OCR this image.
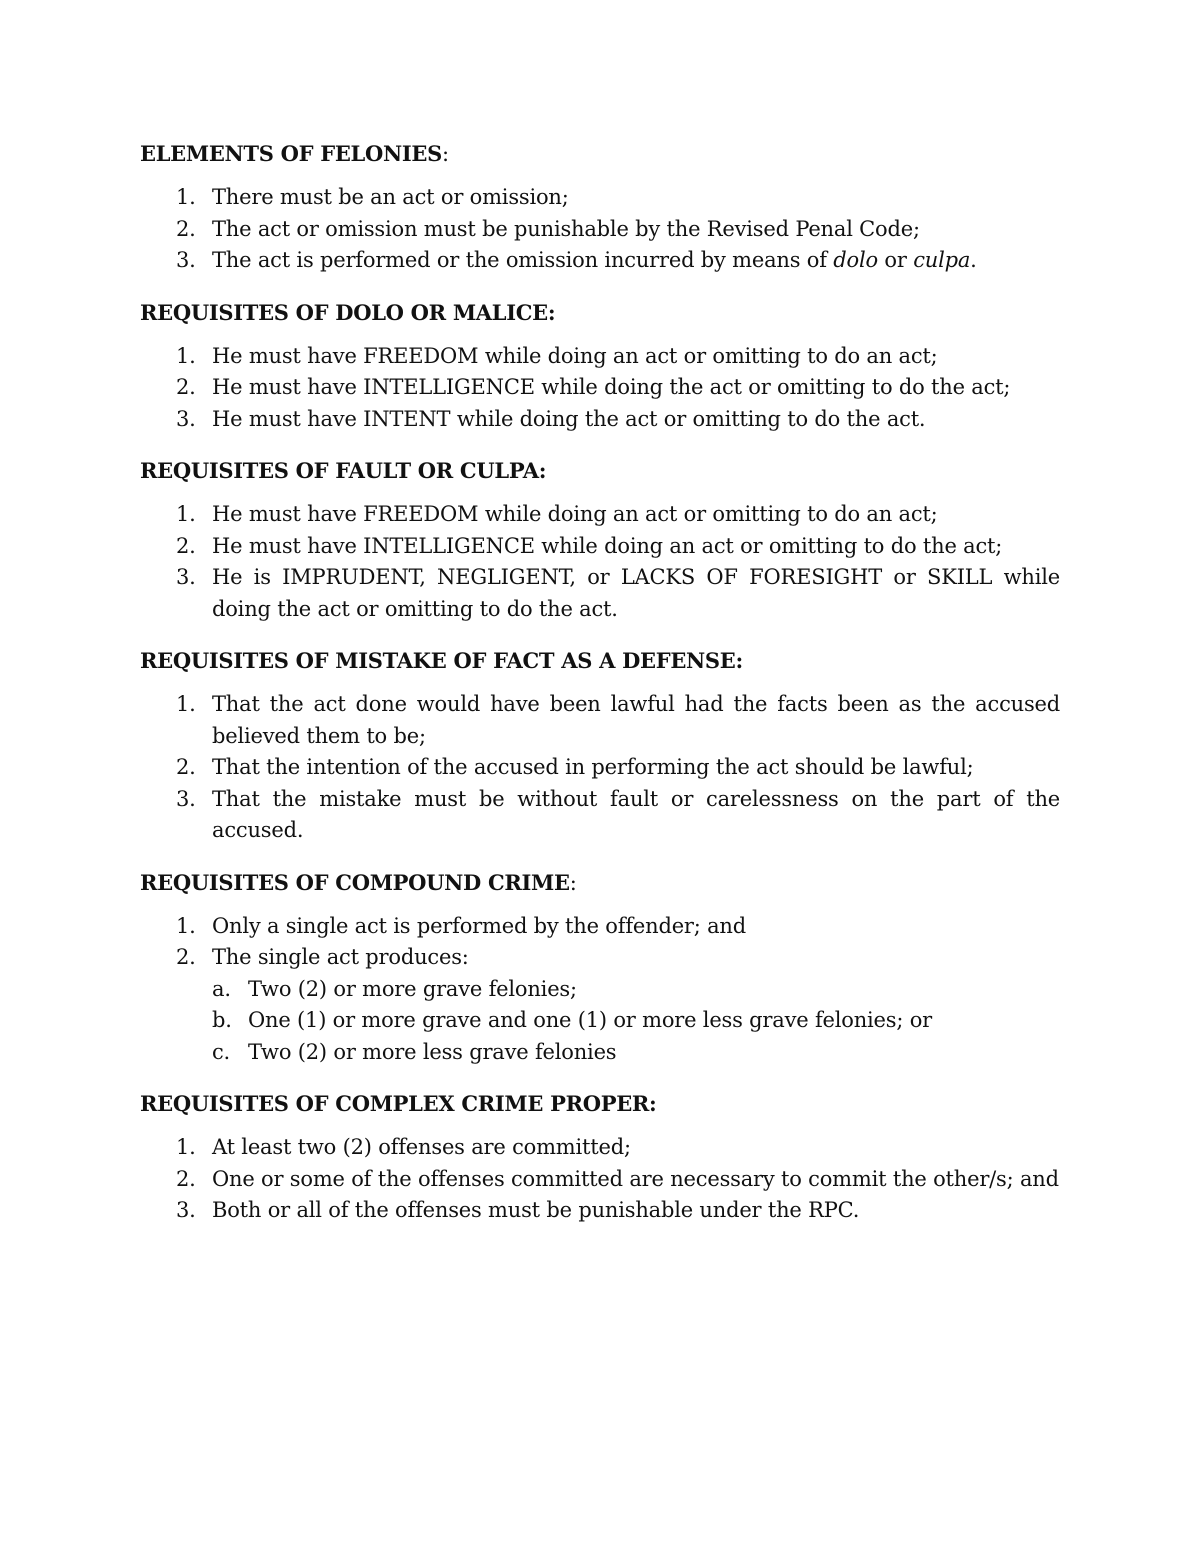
ELEMENTS OF FELONIES:
1. There must be an act or omission;
2. The act or omission must be punishable by the Revised Penal Code;
3. The act is performed or the omission incurred by means of dolo or culpa.
REQUISITES OF DOLO OR MALICE:
1. He must have FREEDOM while doing an act or omitting to do an act;
2. He must have INTELLIGENCE while doing the act or omitting to do the act;
3. He must have INTENT while doing the act or omitting to do the act.
REQUISITES OF FAULT OR CULPA:
1. He must have FREEDOM while doing an act or omitting to do an act;
2. He must have INTELLIGENCE while doing an act or omitting to do the act;
3. He is IMPRUDENT, NEGLIGENT, or LACKS OF FORESIGHT or SKILL while doing the act or omitting to do the act.
REQUISITES OF MISTAKE OF FACT AS A DEFENSE:
1. That the act done would have been lawful had the facts been as the accused believed them to be;
2. That the intention of the accused in performing the act should be lawful;
3. That the mistake must be without fault or carelessness on the part of the accused.
REQUISITES OF COMPOUND CRIME:
1. Only a single act is performed by the offender; and
2. The single act produces:
a. Two (2) or more grave felonies;
b. One (1) or more grave and one (1) or more less grave felonies; or
c. Two (2) or more less grave felonies
REQUISITES OF COMPLEX CRIME PROPER:
1. At least two (2) offenses are committed;
2. One or some of the offenses committed are necessary to commit the other/s; and
3. Both or all of the offenses must be punishable under the RPC.
